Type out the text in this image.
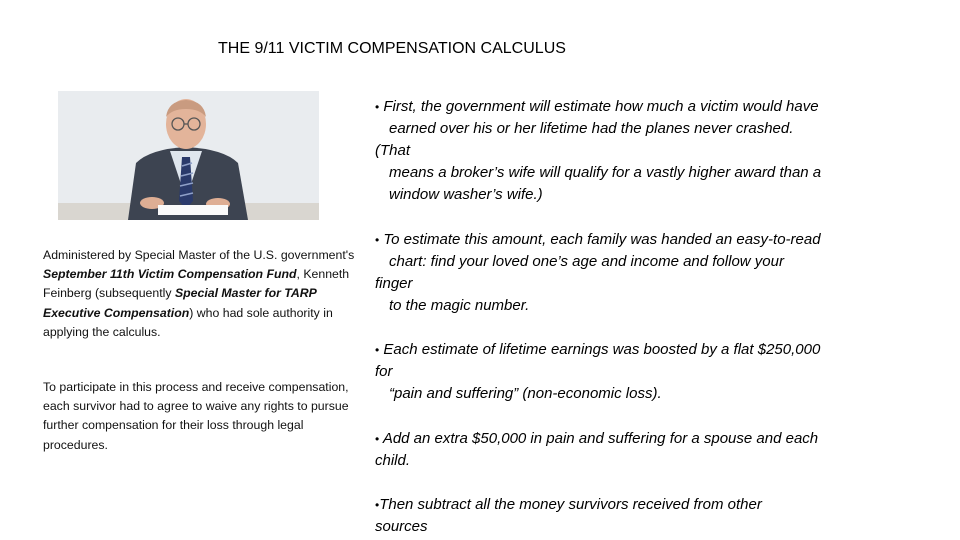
THE 9/11 VICTIM COMPENSATION CALCULUS
Administered by Special Master of the U.S. government's September 11th Victim Compensation Fund, Kenneth Feinberg (subsequently Special Master for TARP Executive Compensation) who had sole authority in applying the calculus.
To participate in this process and receive compensation, each survivor had to agree to waive any rights to pursue further compensation for their loss through legal procedures.

• First, the government will estimate how much a victim would have

earned over his or her lifetime had the planes never crashed.

(That

means a broker’s wife will qualify for a vastly higher award than a

window washer’s wife.)

• To estimate this amount, each family was handed an easy-to-read

chart: find your loved one’s age and income and follow your

finger

to the magic number.

• Each estimate of lifetime earnings was boosted by a flat $250,000

for

“pain and suffering” (non-economic loss).

• Add an extra $50,000 in pain and suffering for a spouse and each

child.

•Then subtract all the money survivors received from other

sources
